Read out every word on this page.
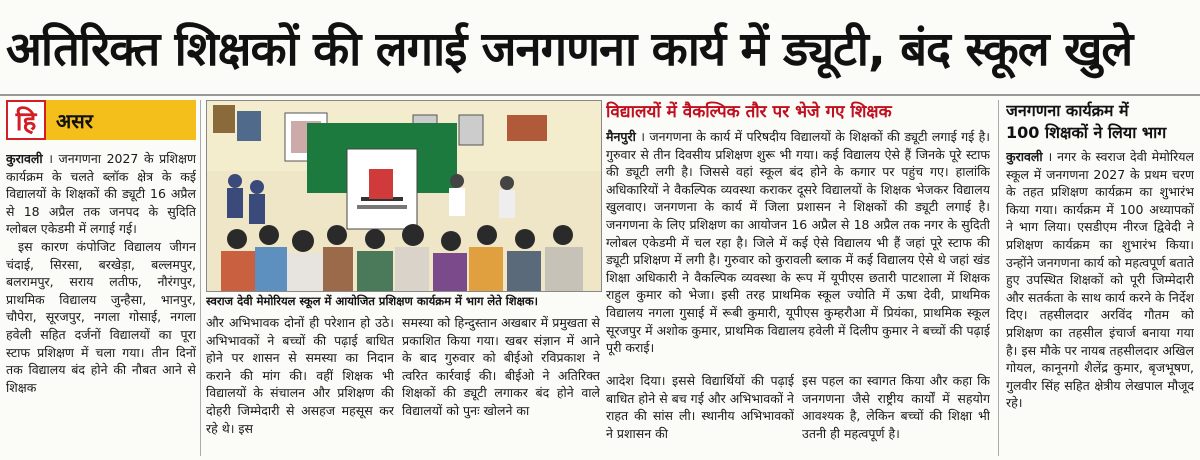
अतिरिक्त शिक्षकों की लगाई जनगणना कार्य में ड्यूटी, बंद स्कूल खुले
हि असर

कुरावली । जनगणना 2027 के प्रशिक्षण कार्यक्रम के चलते ब्लॉक क्षेत्र के कई विद्यालयों के शिक्षकों की ड्यूटी 16 अप्रैल से 18 अप्रैल तक जनपद के सुदिति ग्लोबल एकेडमी में लगाई गई।

इस कारण कंपोजिट विद्यालय जीगन चंदाई, सिरसा, बरखेड़ा, बल्लमपुर, बलरामपुर, सराय लतीफ, नौरंगपुर, प्राथमिक विद्यालय जुन्हैसा, भानपुर, चौपेरा, सूरजपुर, नगला गोसाई, नगला हवेली सहित दर्जनों विद्यालयों का पूरा स्टाफ प्रशिक्षण में चला गया। तीन दिनों तक विद्यालय बंद होने की नौबत आने से शिक्षक

स्वराज देवी मेमोरियल स्कूल में आयोजित प्रशिक्षण कार्यक्रम में भाग लेते शिक्षक।

और अभिभावक दोनों ही परेशान हो उठे। अभिभावकों ने बच्चों की पढ़ाई बाधित होने पर शासन से समस्या का निदान कराने की मांग की। वहीं शिक्षक भी विद्यालयों के संचालन और प्रशिक्षण की दोहरी जिम्मेदारी से असहज महसूस कर रहे थे। इस

समस्या को हिन्दुस्तान अखबार में प्रमुखता से प्रकाशित किया गया। खबर संज्ञान में आने के बाद गुरुवार को बीईओ रविप्रकाश ने त्वरित कार्रवाई की। बीईओ ने अतिरिक्त शिक्षकों की ड्यूटी लगाकर बंद होने वाले विद्यालयों को पुनः खोलने का

विद्यालयों में वैकल्पिक तौर पर भेजे गए शिक्षक

मैनपुरी । जनगणना के कार्य में परिषदीय विद्यालयों के शिक्षकों की ड्यूटी लगाई गई है। गुरुवार से तीन दिवसीय प्रशिक्षण शुरू भी गया। कई विद्यालय ऐसे हैं जिनके पूरे स्टाफ की ड्यूटी लगी है। जिससे वहां स्कूल बंद होने के कगार पर पहुंच गए। हालांकि अधिकारियों ने वैकल्पिक व्यवस्था कराकर दूसरे विद्यालयों के शिक्षक भेजकर विद्यालय खुलवाए। जनगणना के कार्य में जिला प्रशासन ने शिक्षकों की ड्यूटी लगाई है। जनगणना के लिए प्रशिक्षण का आयोजन 16 अप्रैल से 18 अप्रैल तक नगर के सुदिती ग्लोबल एकेडमी में चल रहा है। जिले में कई ऐसे विद्यालय भी हैं जहां पूरे स्टाफ की ड्यूटी प्रशिक्षण में लगी है। गुरुवार को कुरावली ब्लाक में कई विद्यालय ऐसे थे जहां खंड शिक्षा अधिकारी ने वैकल्पिक व्यवस्था के रूप में यूपीएस छतारी पाटशाला में शिक्षक राहुल कुमार को भेजा। इसी तरह प्राथमिक स्कूल ज्योति में ऊषा देवी, प्राथमिक विद्यालय नगला गुसाई में रूबी कुमारी, यूपीएस कुम्हरौआ में प्रियंका, प्राथमिक स्कूल सूरजपुर में अशोक कुमार, प्राथमिक विद्यालय हवेली में दिलीप कुमार ने बच्चों की पढ़ाई पूरी कराई।

आदेश दिया। इससे विद्यार्थियों की पढ़ाई बाधित होने से बच गई और अभिभावकों ने राहत की सांस ली। स्थानीय अभिभावकों ने प्रशासन की

इस पहल का स्वागत किया और कहा कि जनगणना जैसे राष्ट्रीय कार्यों में सहयोग आवश्यक है, लेकिन बच्चों की शिक्षा भी उतनी ही महत्वपूर्ण है।

जनगणना कार्यक्रम में
100 शिक्षकों ने लिया भाग

कुरावली । नगर के स्वराज देवी मेमोरियल स्कूल में जनगणना 2027 के प्रथम चरण के तहत प्रशिक्षण कार्यक्रम का शुभारंभ किया गया। कार्यक्रम में 100 अध्यापकों ने भाग लिया। एसडीएम नीरज द्विवेदी ने प्रशिक्षण कार्यक्रम का शुभारंभ किया। उन्होंने जनगणना कार्य को महत्वपूर्ण बताते हुए उपस्थित शिक्षकों को पूरी जिम्मेदारी और सतर्कता के साथ कार्य करने के निर्देश दिए। तहसीलदार अरविंद गौतम को प्रशिक्षण का तहसील इंचार्ज बनाया गया है। इस मौके पर नायब तहसीलदार अखिल गोयल, कानूनगो शैलेंद्र कुमार, बृजभूषण, गुलवीर सिंह सहित क्षेत्रीय लेखपाल मौजूद रहे।
